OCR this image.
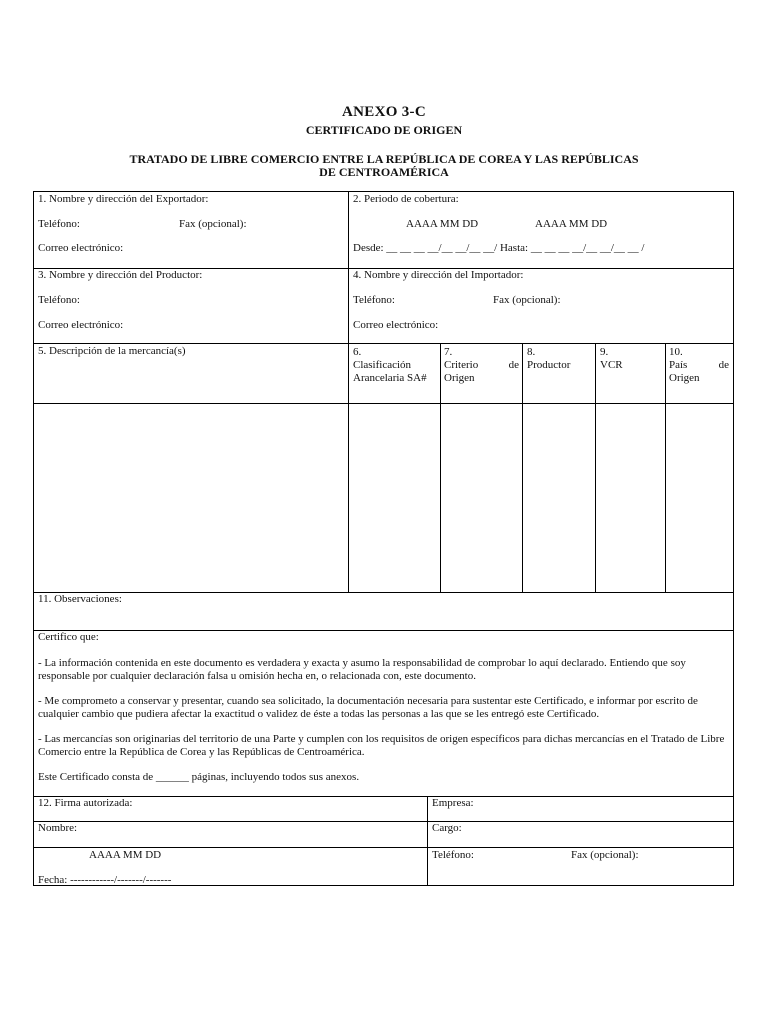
ANEXO 3-C
CERTIFICADO DE ORIGEN
TRATADO DE LIBRE COMERCIO ENTRE LA REPÚBLICA DE COREA Y LAS REPÚBLICAS DE CENTROAMÉRICA
1. Nombre y dirección del Exportador:
Teléfono:	Fax (opcional):
Correo electrónico:
2. Periodo de cobertura:
AAAA MM DD	AAAA MM DD
Desde: __ __ __ __/__ __/__ __/ Hasta: __ __ __ __/__ __/__ __ /
3. Nombre y dirección del Productor:
Teléfono:
Correo electrónico:
4. Nombre y dirección del Importador:
Teléfono:	Fax (opcional):
Correo electrónico:
5. Descripción de la mercancía(s)	6.
Clasificación
Arancelaria SA#
7.
Criterio	de
Origen
8.
Productor
9.
VCR
10.
País	de
Origen
11. Observaciones:
Certifico que:
- La información contenida en este documento es verdadera y exacta y asumo la responsabilidad de comprobar lo aquí declarado. Entiendo que soy responsable por cualquier declaración falsa u omisión hecha en, o relacionada con, este documento.
- Me comprometo a conservar y presentar, cuando sea solicitado, la documentación necesaria para sustentar este Certificado, e informar por escrito de cualquier cambio que pudiera afectar la exactitud o validez de éste a todas las personas a las que se les entregó este Certificado.
- Las mercancías son originarias del territorio de una Parte y cumplen con los requisitos de origen específicos para dichas mercancías en el Tratado de Libre Comercio entre la República de Corea y las Repúblicas de Centroamérica.
Este Certificado consta de ______ páginas, incluyendo todos sus anexos.
12. Firma autorizada:	Empresa:
Nombre:	Cargo:
AAAA MM DD
Fecha: ------------/-------/-------
Teléfono:	Fax (opcional):
